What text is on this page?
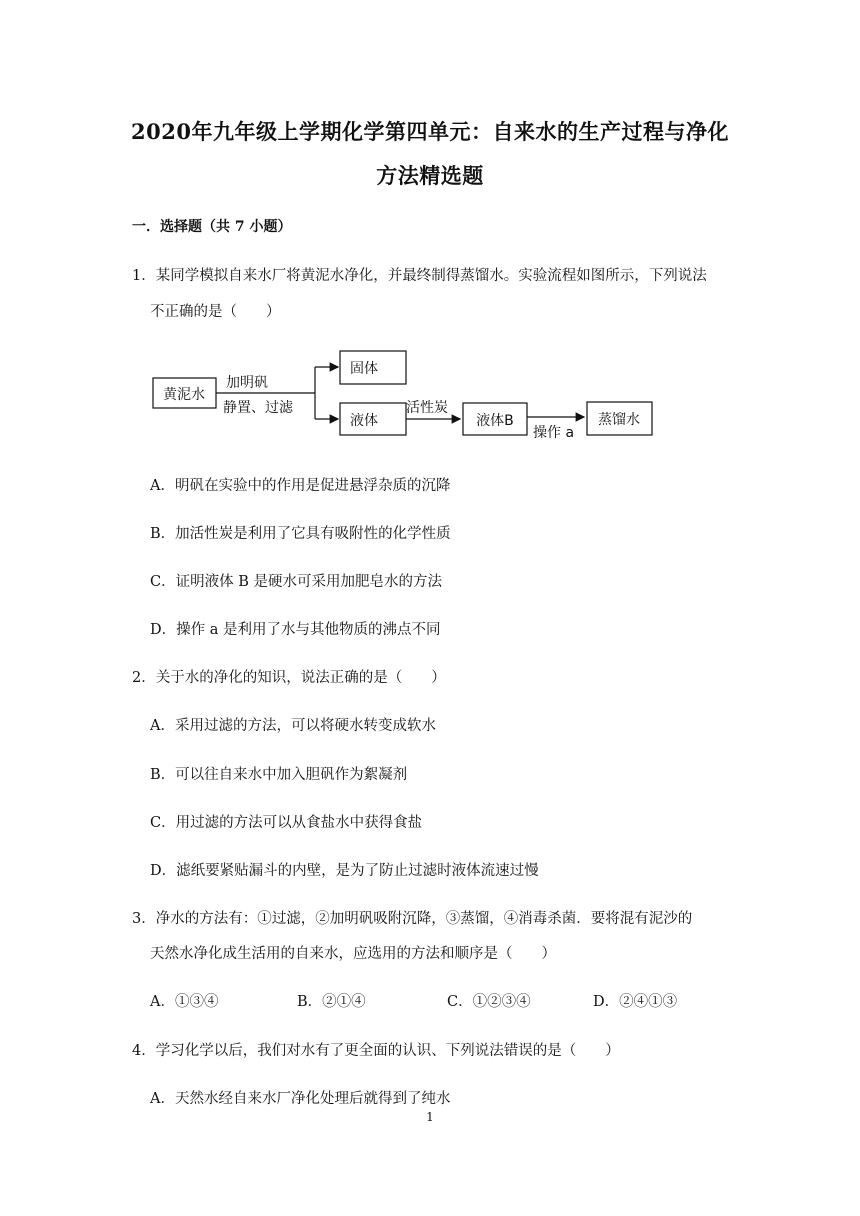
2020年九年级上学期化学第四单元：自来水的生产过程与净化
方法精选题
一．选择题（共 7 小题）
1．某同学模拟自来水厂将黄泥水净化，并最终制得蒸馏水。实验流程如图所示，下列说法
不正确的是（　　）
黄泥水
加明矾
静置、过滤
固体
液体
活性炭
液体B
操作 a
蒸馏水
A．明矾在实验中的作用是促进悬浮杂质的沉降
B．加活性炭是利用了它具有吸附性的化学性质
C．证明液体 B 是硬水可采用加肥皂水的方法
D．操作 a 是利用了水与其他物质的沸点不同
2．关于水的净化的知识，说法正确的是（　　）
A．采用过滤的方法，可以将硬水转变成软水
B．可以往自来水中加入胆矾作为絮凝剂
C．用过滤的方法可以从食盐水中获得食盐
D．滤纸要紧贴漏斗的内壁，是为了防止过滤时液体流速过慢
3．净水的方法有：①过滤，②加明矾吸附沉降，③蒸馏，④消毒杀菌．要将混有泥沙的
天然水净化成生活用的自来水，应选用的方法和顺序是（　　）
A．①③④	B．②①④	C．①②③④	D．②④①③
4．学习化学以后，我们对水有了更全面的认识、下列说法错误的是（　　）
A．天然水经自来水厂净化处理后就得到了纯水
1
